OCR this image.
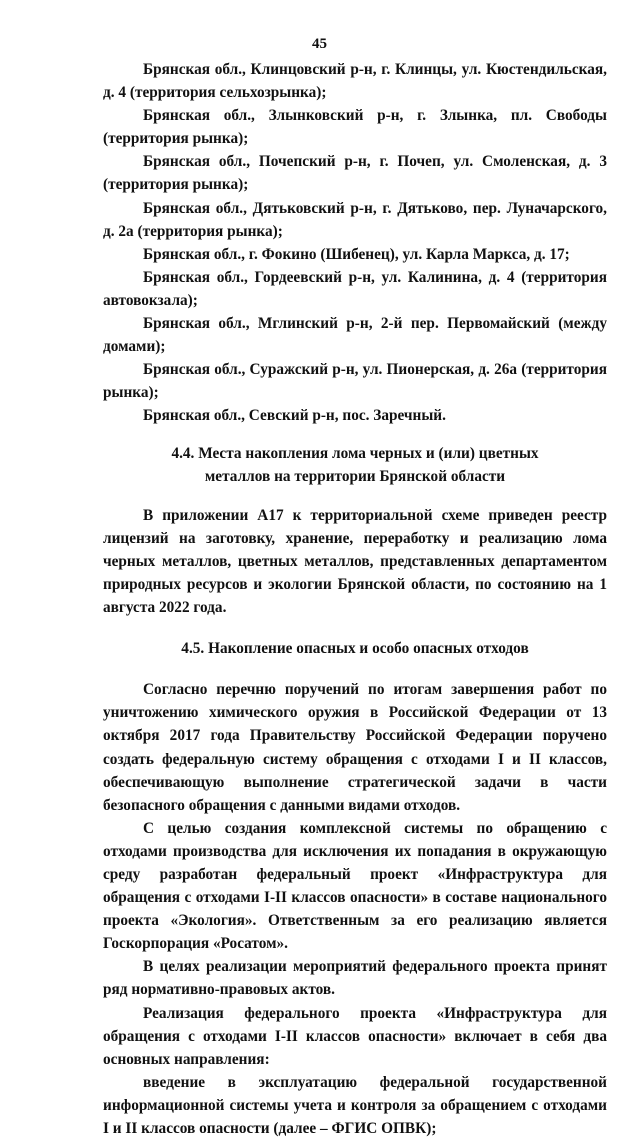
45

Брянская обл., Клинцовский р-н, г. Клинцы, ул. Кюстендильская, д. 4 (территория сельхозрынка);

Брянская обл., Злынковский р-н, г. Злынка, пл. Свободы (территория рынка);

Брянская обл., Почепский р-н, г. Почеп, ул. Смоленская, д. 3 (территория рынка);

Брянская обл., Дятьковский р-н, г. Дятьково, пер. Луначарского, д. 2а (территория рынка);

Брянская обл., г. Фокино (Шибенец), ул. Карла Маркса, д. 17;

Брянская обл., Гордеевский р-н, ул. Калинина, д. 4 (территория автовокзала);

Брянская обл., Мглинский р-н, 2-й пер. Первомайский (между домами);

Брянская обл., Суражский р-н, ул. Пионерская, д. 26а (территория рынка);

Брянская обл., Севский р-н, пос. Заречный.

4.4. Места накопления лома черных и (или) цветных
металлов на территории Брянской области

В приложении А17 к территориальной схеме приведен реестр лицензий на заготовку, хранение, переработку и реализацию лома черных металлов, цветных металлов, представленных департаментом природных ресурсов и экологии Брянской области, по состоянию на 1 августа 2022 года.

4.5. Накопление опасных и особо опасных отходов

Согласно перечню поручений по итогам завершения работ по уничтожению химического оружия в Российской Федерации от 13 октября 2017 года Правительству Российской Федерации поручено создать федеральную систему обращения с отходами I и II классов, обеспечивающую выполнение стратегической задачи в части безопасного обращения с данными видами отходов.

С целью создания комплексной системы по обращению с отходами производства для исключения их попадания в окружающую среду разработан федеральный проект «Инфраструктура для обращения с отходами I-II классов опасности» в составе национального проекта «Экология». Ответственным за его реализацию является Госкорпорация «Росатом».

В целях реализации мероприятий федерального проекта принят ряд нормативно-правовых актов.

Реализация федерального проекта «Инфраструктура для обращения с отходами I-II классов опасности» включает в себя два основных направления:

введение в эксплуатацию федеральной государственной информационной системы учета и контроля за обращением с отходами I и II классов опасности (далее – ФГИС ОПВК);
